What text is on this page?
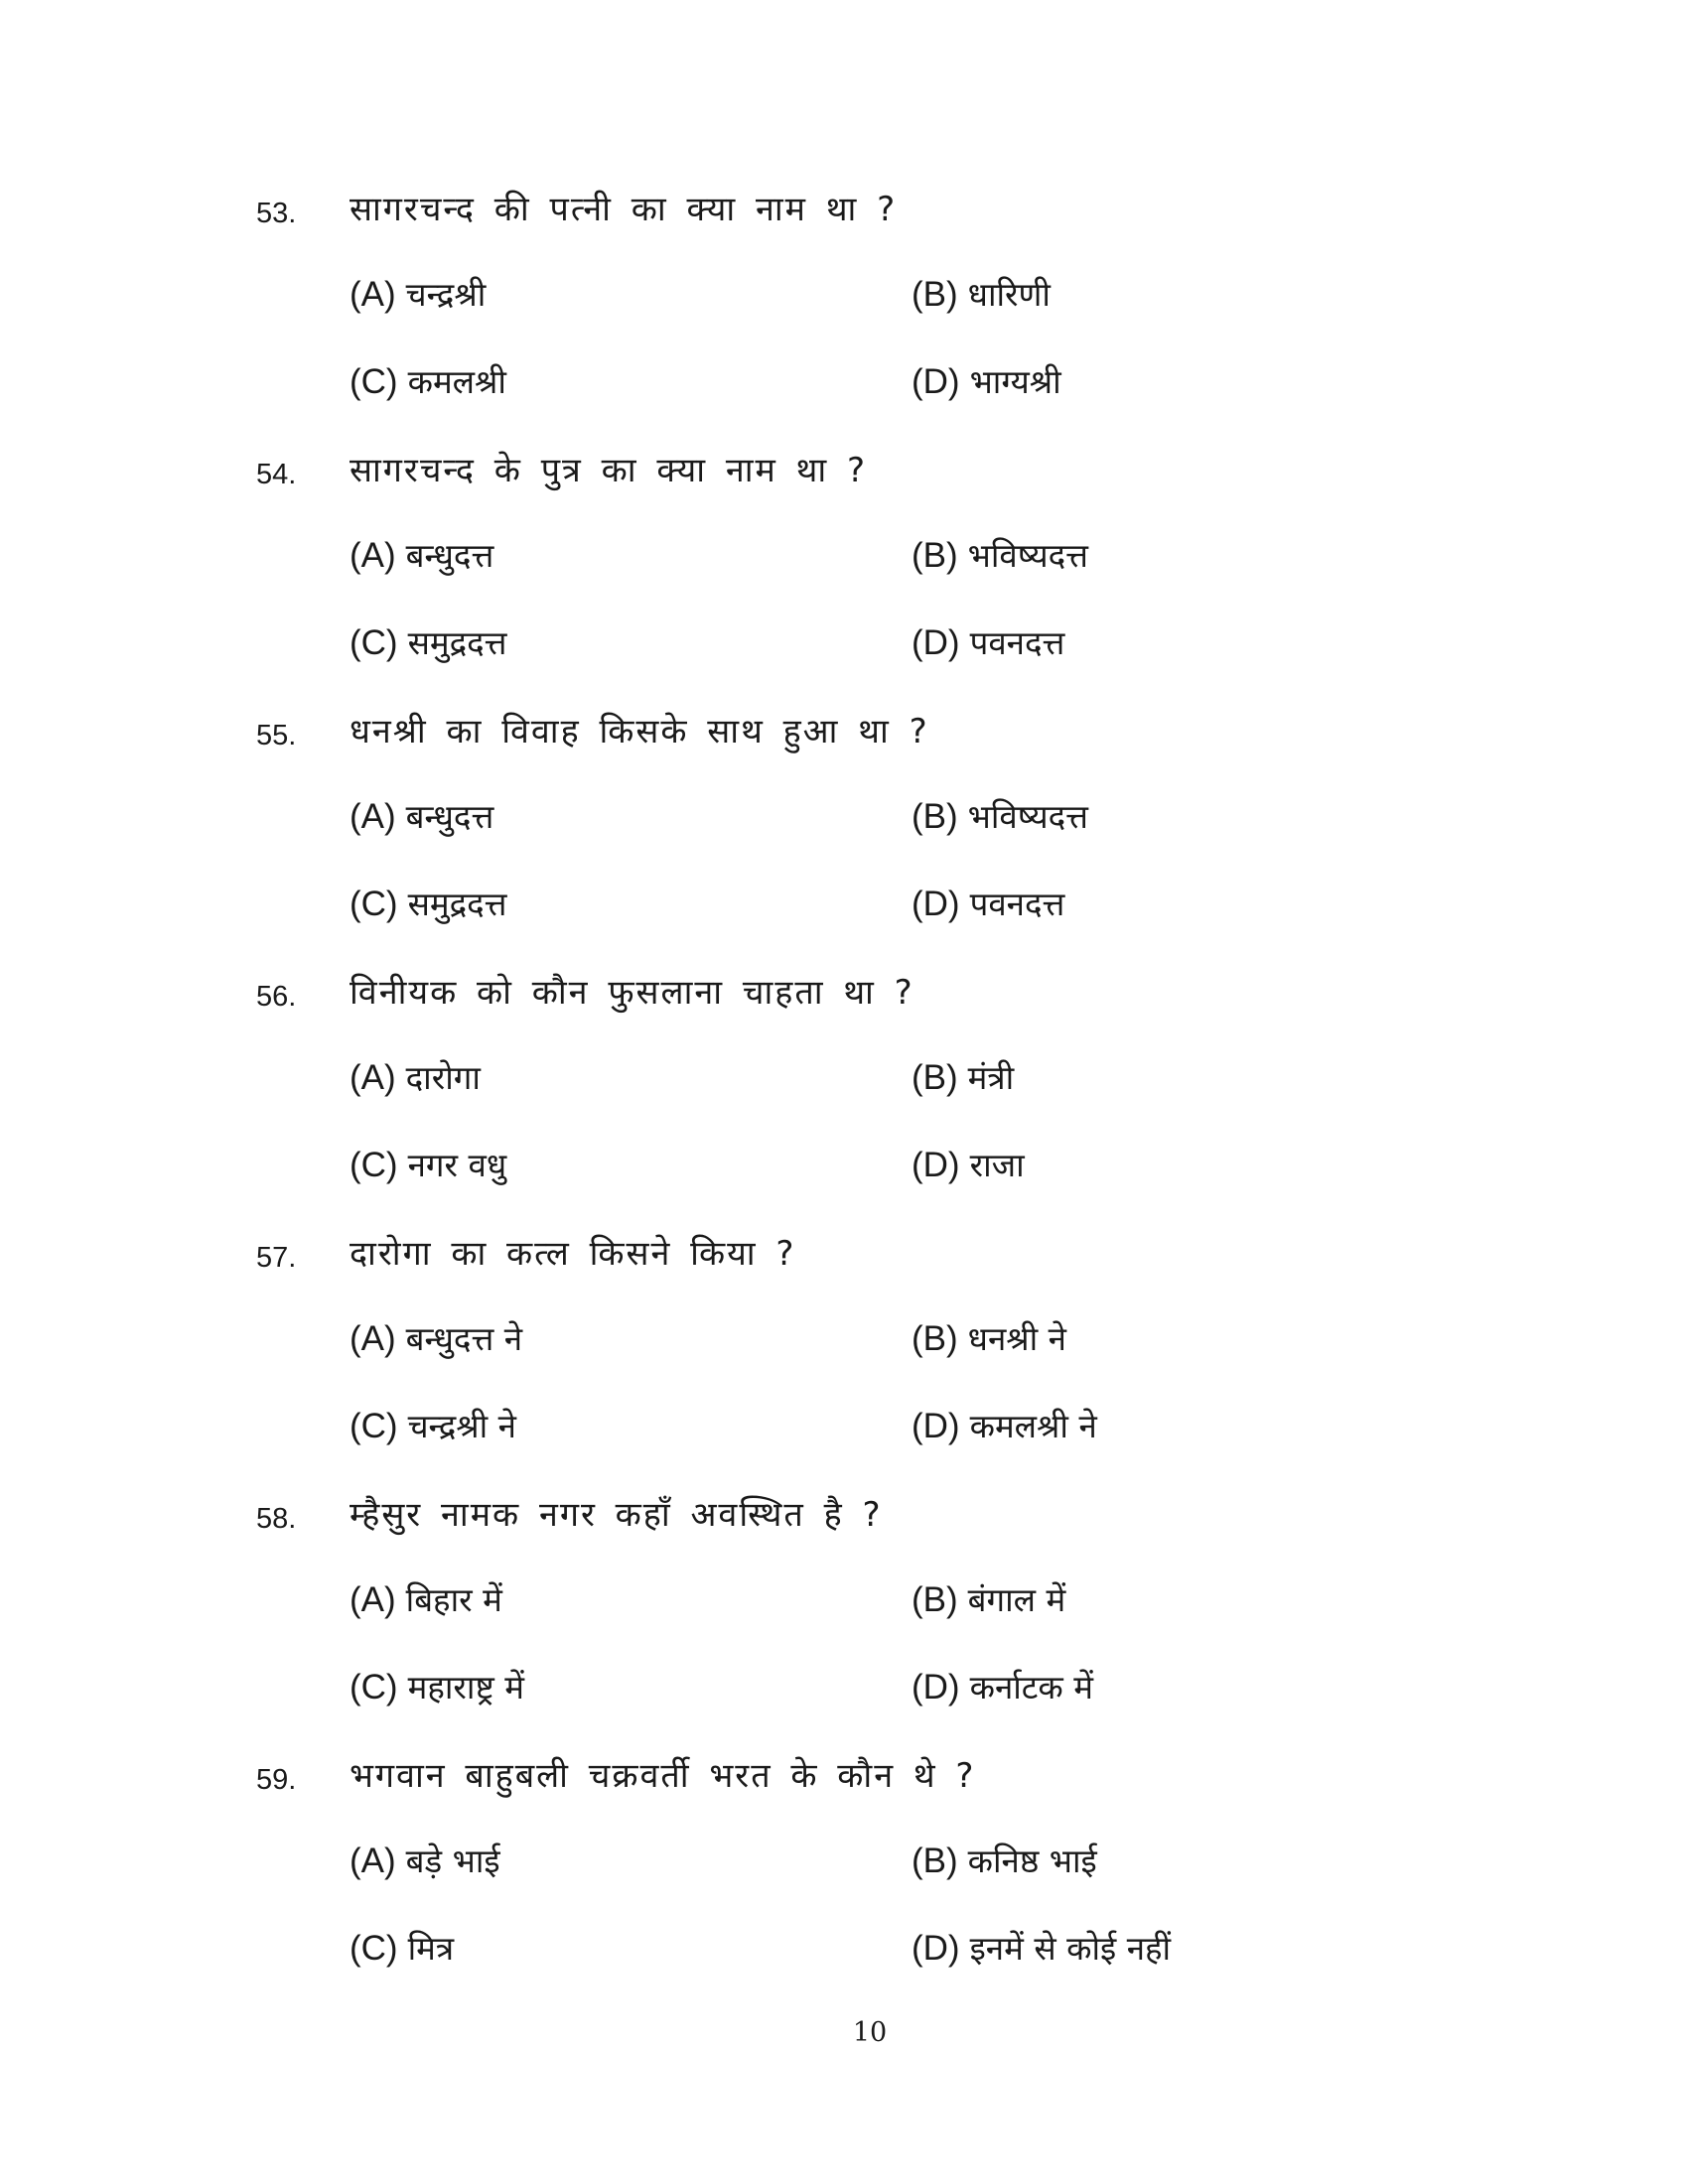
53. सागरचन्द की पत्नी का क्या नाम था ?
(A) चन्द्रश्री	(B) धारिणी
(C) कमलश्री	(D) भाग्यश्री
54. सागरचन्द के पुत्र का क्या नाम था ?
(A) बन्धुदत्त	(B) भविष्यदत्त
(C) समुद्रदत्त	(D) पवनदत्त
55. धनश्री का विवाह किसके साथ हुआ था ?
(A) बन्धुदत्त	(B) भविष्यदत्त
(C) समुद्रदत्त	(D) पवनदत्त
56. विनीयक को कौन फुसलाना चाहता था ?
(A) दारोगा	(B) मंत्री
(C) नगर वधु	(D) राजा
57. दारोगा का कत्ल किसने किया ?
(A) बन्धुदत्त ने	(B) धनश्री ने
(C) चन्द्रश्री ने	(D) कमलश्री ने
58. म्हैसुर नामक नगर कहाँ अवस्थित है ?
(A) बिहार में	(B) बंगाल में
(C) महाराष्ट्र में	(D) कर्नाटक में
59. भगवान बाहुबली चक्रवर्ती भरत के कौन थे ?
(A) बड़े भाई	(B) कनिष्ठ भाई
(C) मित्र	(D) इनमें से कोई नहीं
10
